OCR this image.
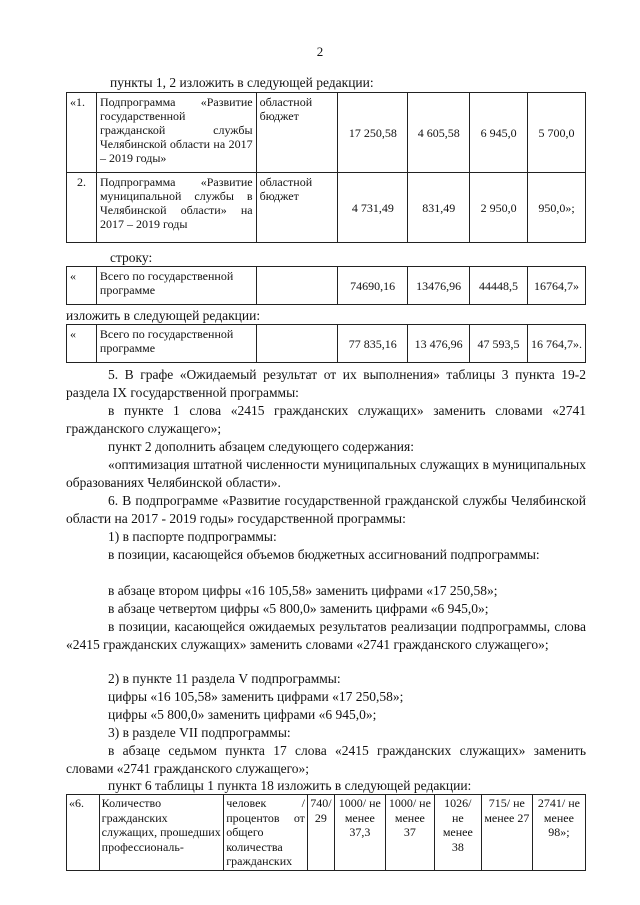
2
пункты 1, 2 изложить в следующей редакции:
«1.	Подпрограмма «Развитие государственной гражданской службы Челябинской области на 2017 – 2019 годы»	областной бюджет	17 250,58	4 605,58	6 945,0	5 700,0
2.	Подпрограмма «Развитие муниципальной службы в Челябинской области» на 2017 – 2019 годы	областной бюджет	4 731,49	831,49	2 950,0	950,0»;
строку:
«	Всего по государственной программе		74690,16	13476,96	44448,5	16764,7»
изложить в следующей редакции:
«	Всего по государственной программе		77 835,16	13 476,96	47 593,5	16 764,7».
5. В графе «Ожидаемый результат от их выполнения» таблицы 3 пункта 19-2 раздела IX государственной программы:
в пункте 1 слова «2415 гражданских служащих» заменить словами «2741 гражданского служащего»;
пункт 2 дополнить абзацем следующего содержания:
«оптимизация штатной численности муниципальных служащих в муниципальных образованиях Челябинской области».
6. В подпрограмме «Развитие государственной гражданской службы Челябинской области на 2017 - 2019 годы» государственной программы:
1) в паспорте подпрограммы:
в позиции, касающейся объемов бюджетных ассигнований подпрограммы:
в абзаце втором цифры «16 105,58» заменить цифрами «17 250,58»;
в абзаце четвертом цифры «5 800,0» заменить цифрами «6 945,0»;
в позиции, касающейся ожидаемых результатов реализации подпрограммы, слова «2415 гражданских служащих» заменить словами «2741 гражданского служащего»;
2) в пункте 11 раздела V подпрограммы:
цифры «16 105,58» заменить цифрами «17 250,58»;
цифры «5 800,0» заменить цифрами «6 945,0»;
3) в разделе VII подпрограммы:
в абзаце седьмом пункта 17 слова «2415 гражданских служащих» заменить словами «2741 гражданского служащего»;
пункт 6 таблицы 1 пункта 18 изложить в следующей редакции:
«6.	Количество гражданских служащих, прошедших профессиональ-	человек / процентов от общего количества гражданских	740/ 29	1000/ не менее 37,3	1000/ не менее 37	1026/ не менее 38	715/ не менее 27	2741/ не менее 98»;
